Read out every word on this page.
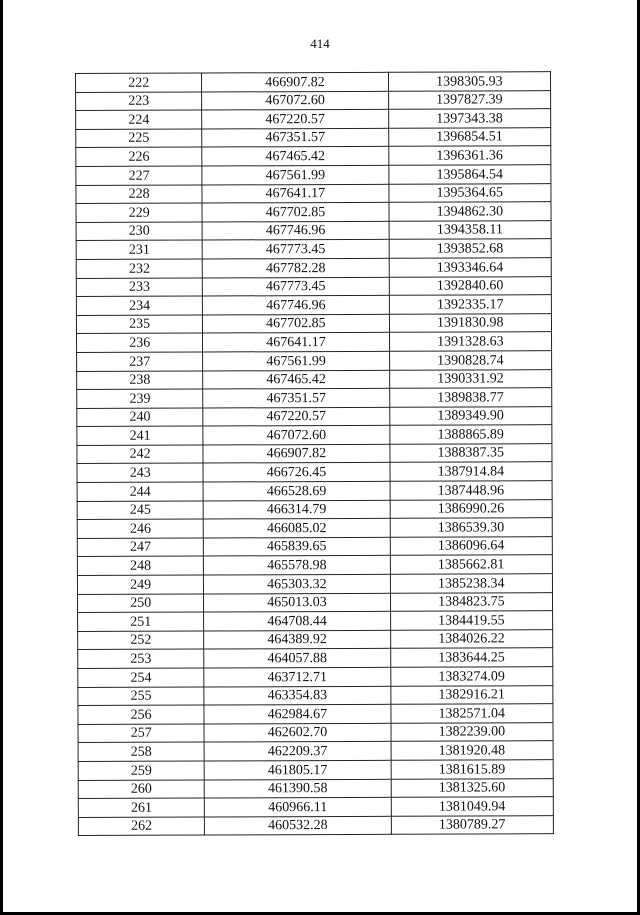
414
222	466907.82	1398305.93
223	467072.60	1397827.39
224	467220.57	1397343.38
225	467351.57	1396854.51
226	467465.42	1396361.36
227	467561.99	1395864.54
228	467641.17	1395364.65
229	467702.85	1394862.30
230	467746.96	1394358.11
231	467773.45	1393852.68
232	467782.28	1393346.64
233	467773.45	1392840.60
234	467746.96	1392335.17
235	467702.85	1391830.98
236	467641.17	1391328.63
237	467561.99	1390828.74
238	467465.42	1390331.92
239	467351.57	1389838.77
240	467220.57	1389349.90
241	467072.60	1388865.89
242	466907.82	1388387.35
243	466726.45	1387914.84
244	466528.69	1387448.96
245	466314.79	1386990.26
246	466085.02	1386539.30
247	465839.65	1386096.64
248	465578.98	1385662.81
249	465303.32	1385238.34
250	465013.03	1384823.75
251	464708.44	1384419.55
252	464389.92	1384026.22
253	464057.88	1383644.25
254	463712.71	1383274.09
255	463354.83	1382916.21
256	462984.67	1382571.04
257	462602.70	1382239.00
258	462209.37	1381920.48
259	461805.17	1381615.89
260	461390.58	1381325.60
261	460966.11	1381049.94
262	460532.28	1380789.27
